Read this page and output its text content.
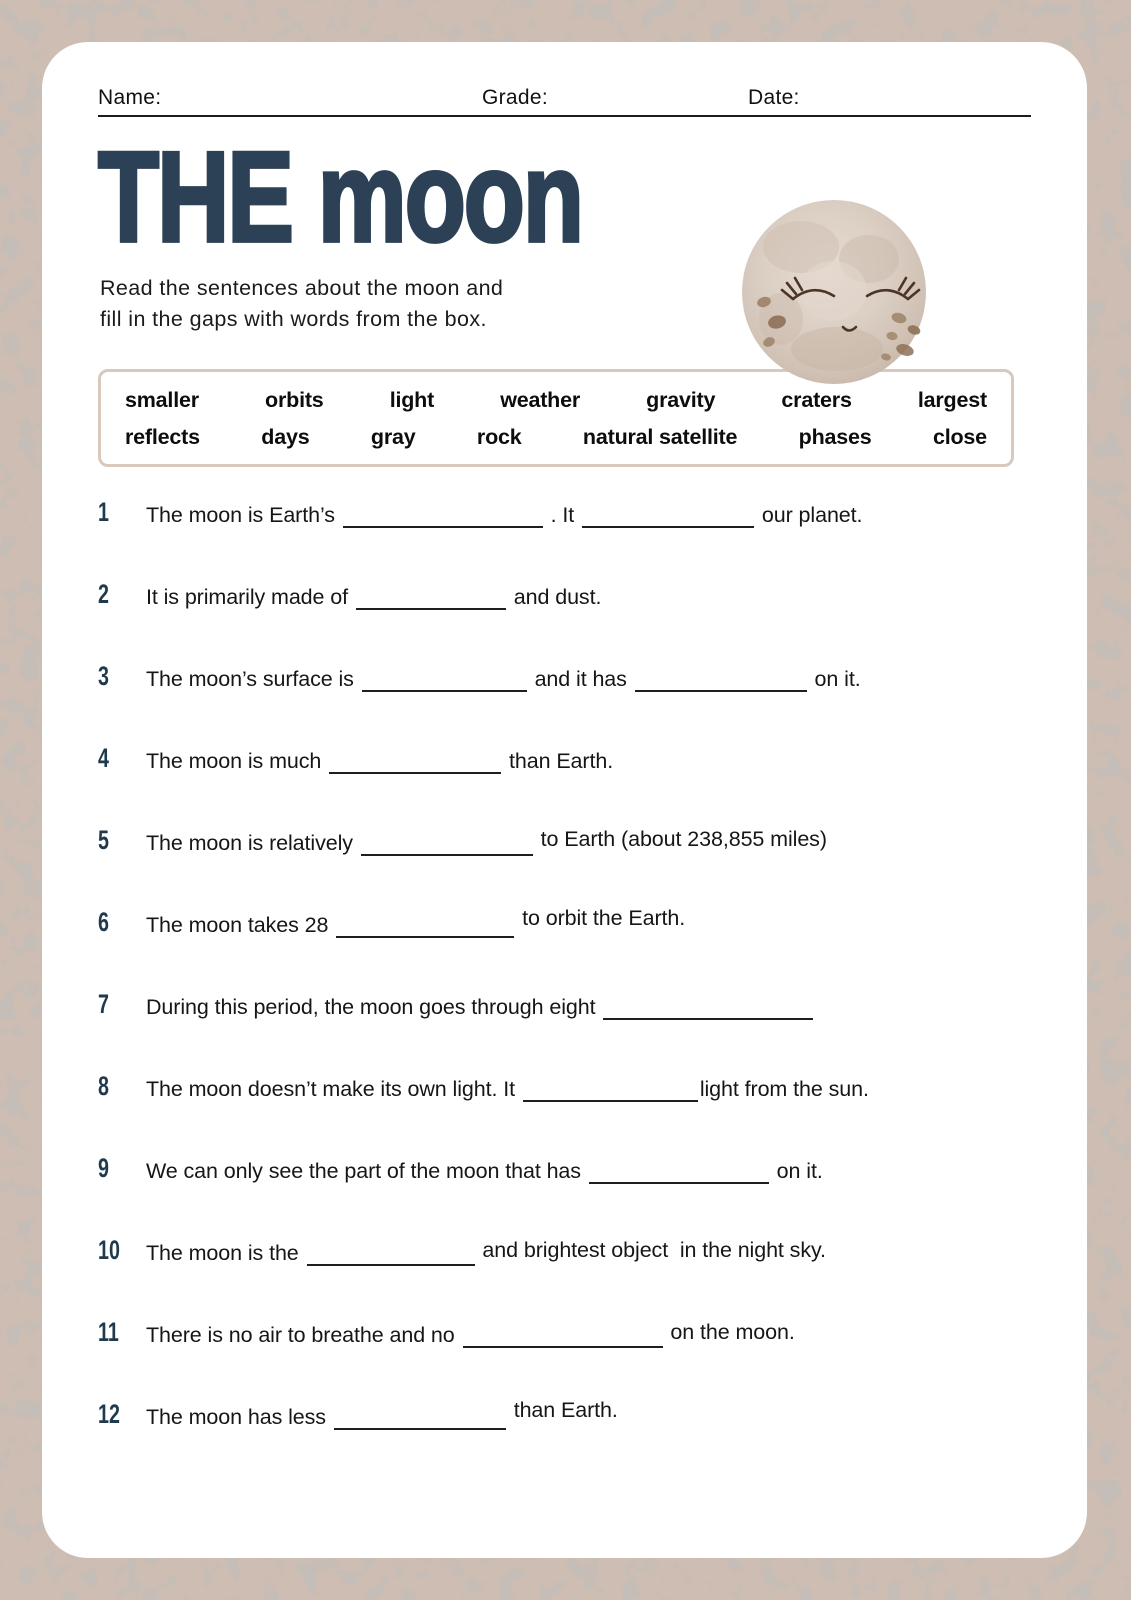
Name:	Grade:	Date:
THE moon

Read the sentences about the moon and
fill in the gaps with words from the box.

smaller	orbits	light	weather	gravity	craters	largest
reflects	days	gray	rock	natural satellite	phases	close
1	The moon is Earth’s	. It	our planet.
2	It is primarily made of	and dust.
3	The moon’s surface is	and it has	on it.
4	The moon is much	than Earth.
5	The moon is relatively	to Earth (about 238,855 miles)
6	The moon takes 28	to orbit the Earth.
7	During this period, the moon goes through eight
8	The moon doesn’t make its own light. It	light from the sun.
9	We can only see the part of the moon that has	on it.
10	The moon is the	and brightest object  in the night sky.
11	There is no air to breathe and no	on the moon.
12	The moon has less	than Earth.
